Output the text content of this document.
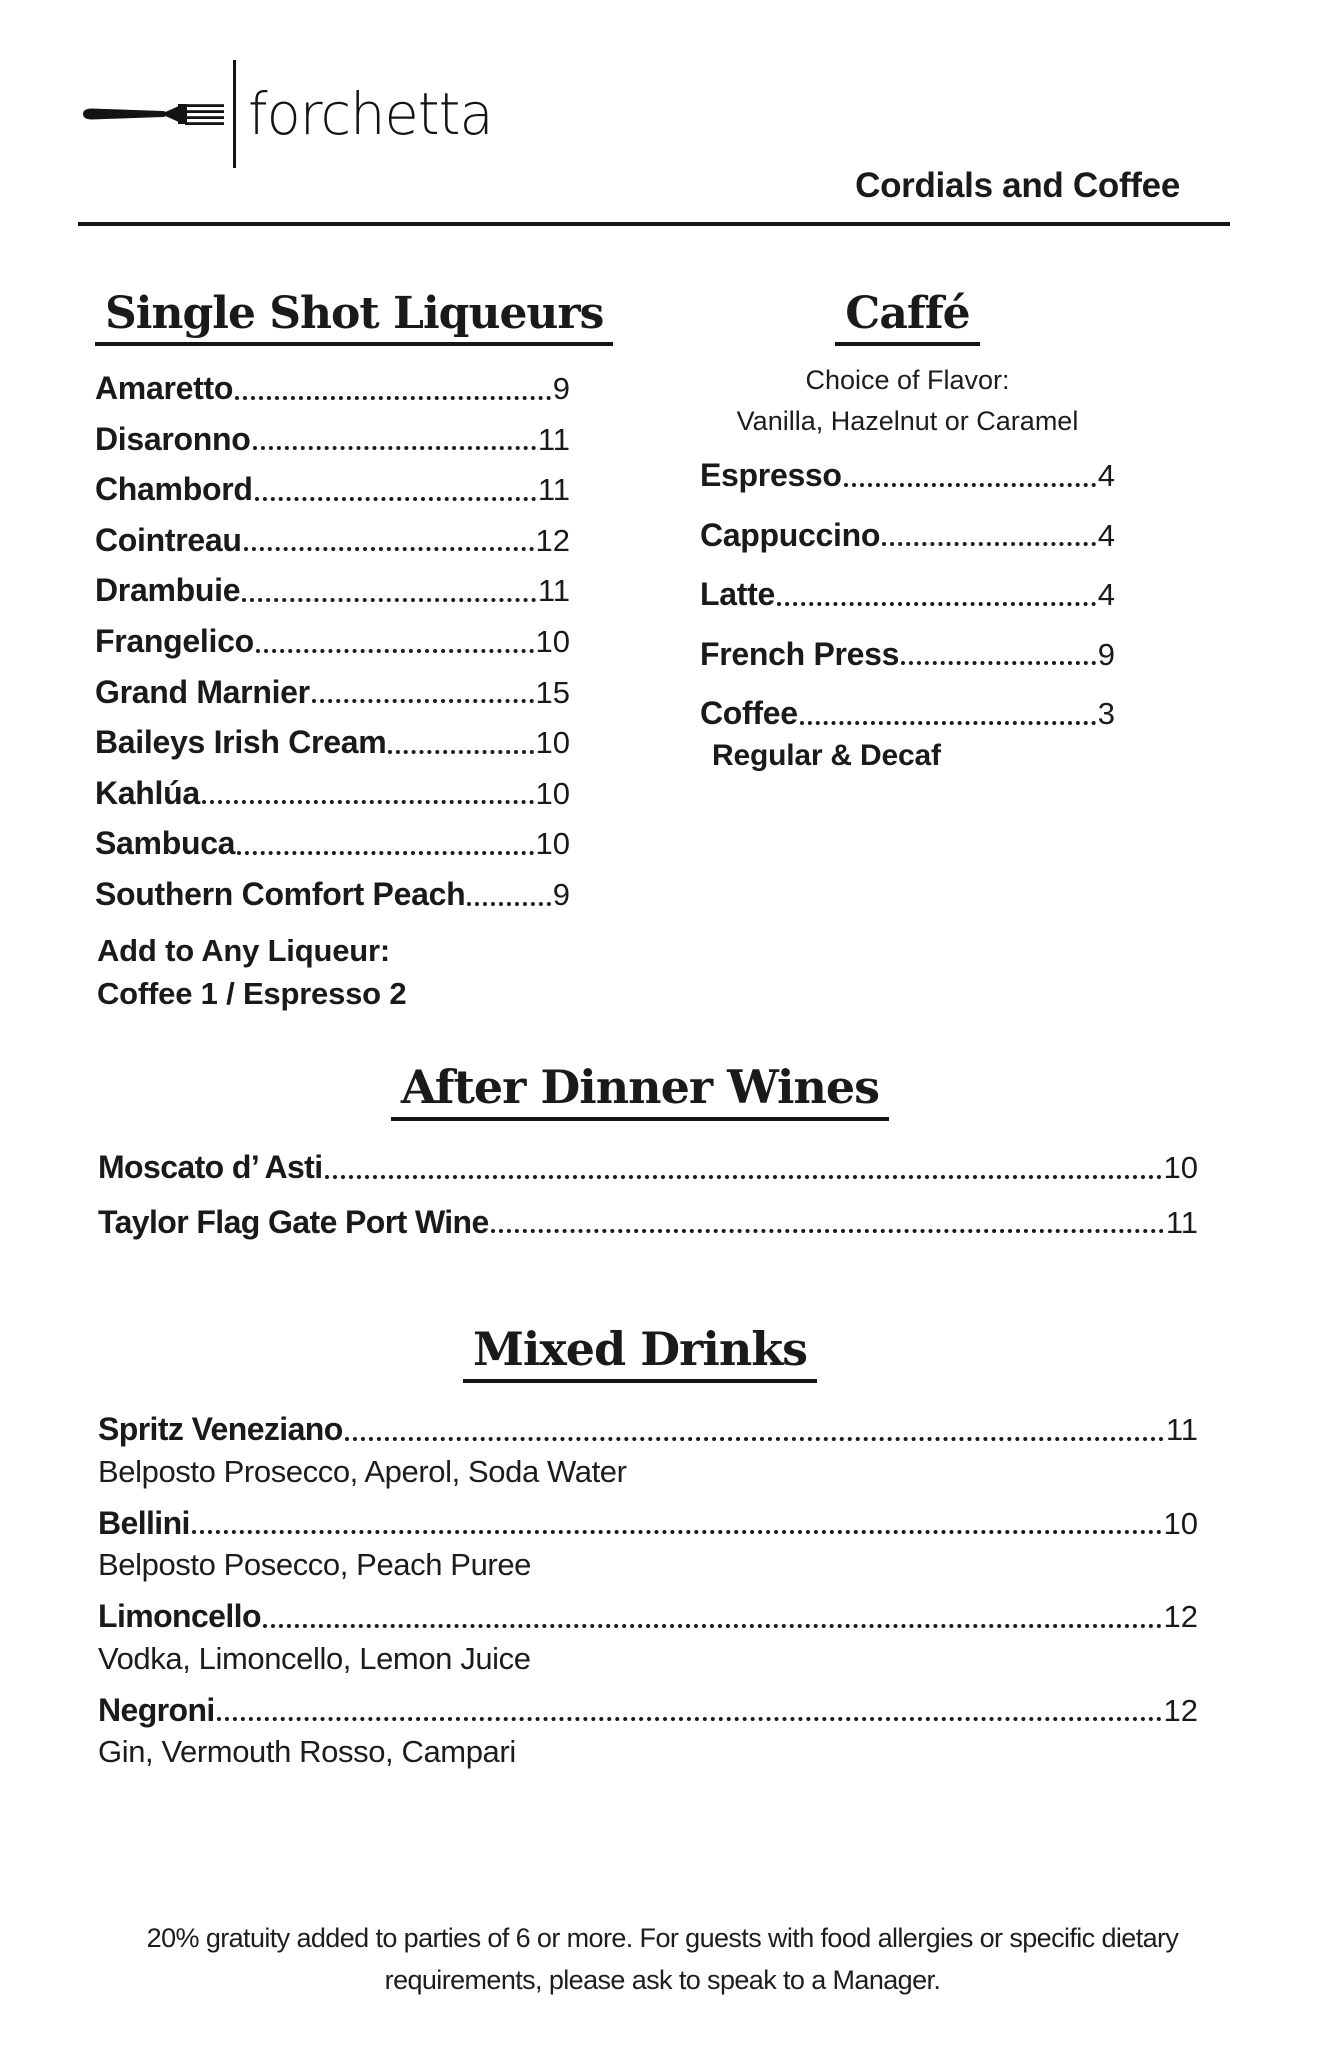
forchetta
Cordials and Coffee
Single Shot Liqueurs
Amaretto	9
Disaronno	11
Chambord	11
Cointreau	12
Drambuie	11
Frangelico	10
Grand Marnier	15
Baileys Irish Cream	10
Kahlúa	10
Sambuca	10
Southern Comfort Peach	9
Add to Any Liqueur:
Coffee 1 / Espresso 2
Caffé
Choice of Flavor:
Vanilla, Hazelnut or Caramel
Espresso	4
Cappuccino	4
Latte	4
French Press	9
Coffee	3
Regular & Decaf
After Dinner Wines
Moscato d’ Asti	10
Taylor Flag Gate Port Wine	11
Mixed Drinks
Spritz Veneziano	11
Belposto Prosecco, Aperol, Soda Water
Bellini	10
Belposto Posecco, Peach Puree
Limoncello	12
Vodka, Limoncello, Lemon Juice
Negroni	12
Gin, Vermouth Rosso, Campari
20% gratuity added to parties of 6 or more. For guests with food allergies or specific dietary
requirements, please ask to speak to a Manager.
